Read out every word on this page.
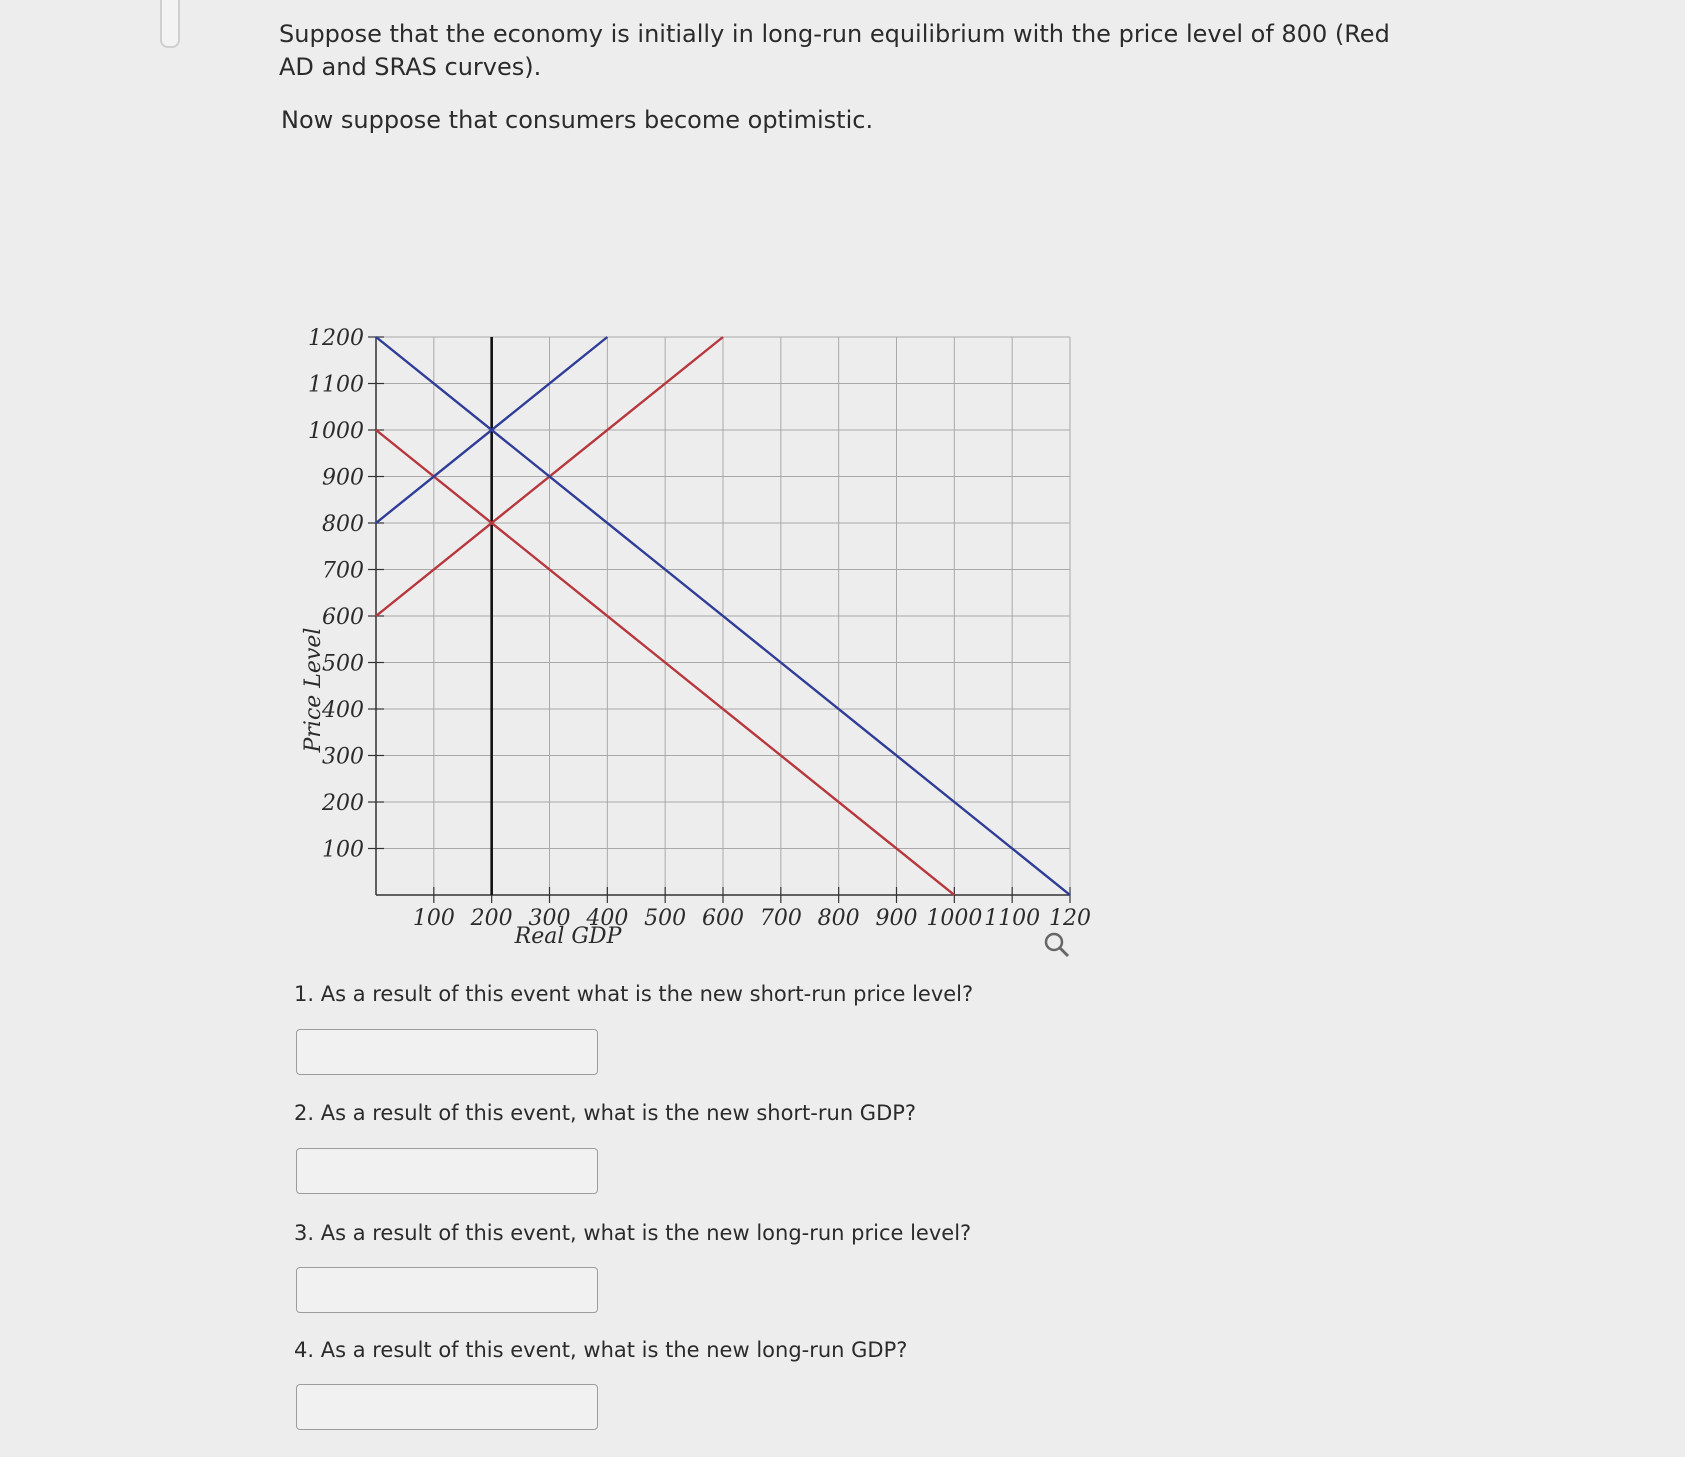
Suppose that the economy is initially in long-run equilibrium with the price level of 800 (Red AD and SRAS curves).
Now suppose that consumers become optimistic.
100
200
300
400
500
600
700
800
900
1000
1100
1200
100 200 300 400 500 600 700 800 900 1000 1100 120
Price Level
Real GDP
1. As a result of this event what is the new short-run price level?
2. As a result of this event, what is the new short-run GDP?
3. As a result of this event, what is the new long-run price level?
4. As a result of this event, what is the new long-run GDP?
